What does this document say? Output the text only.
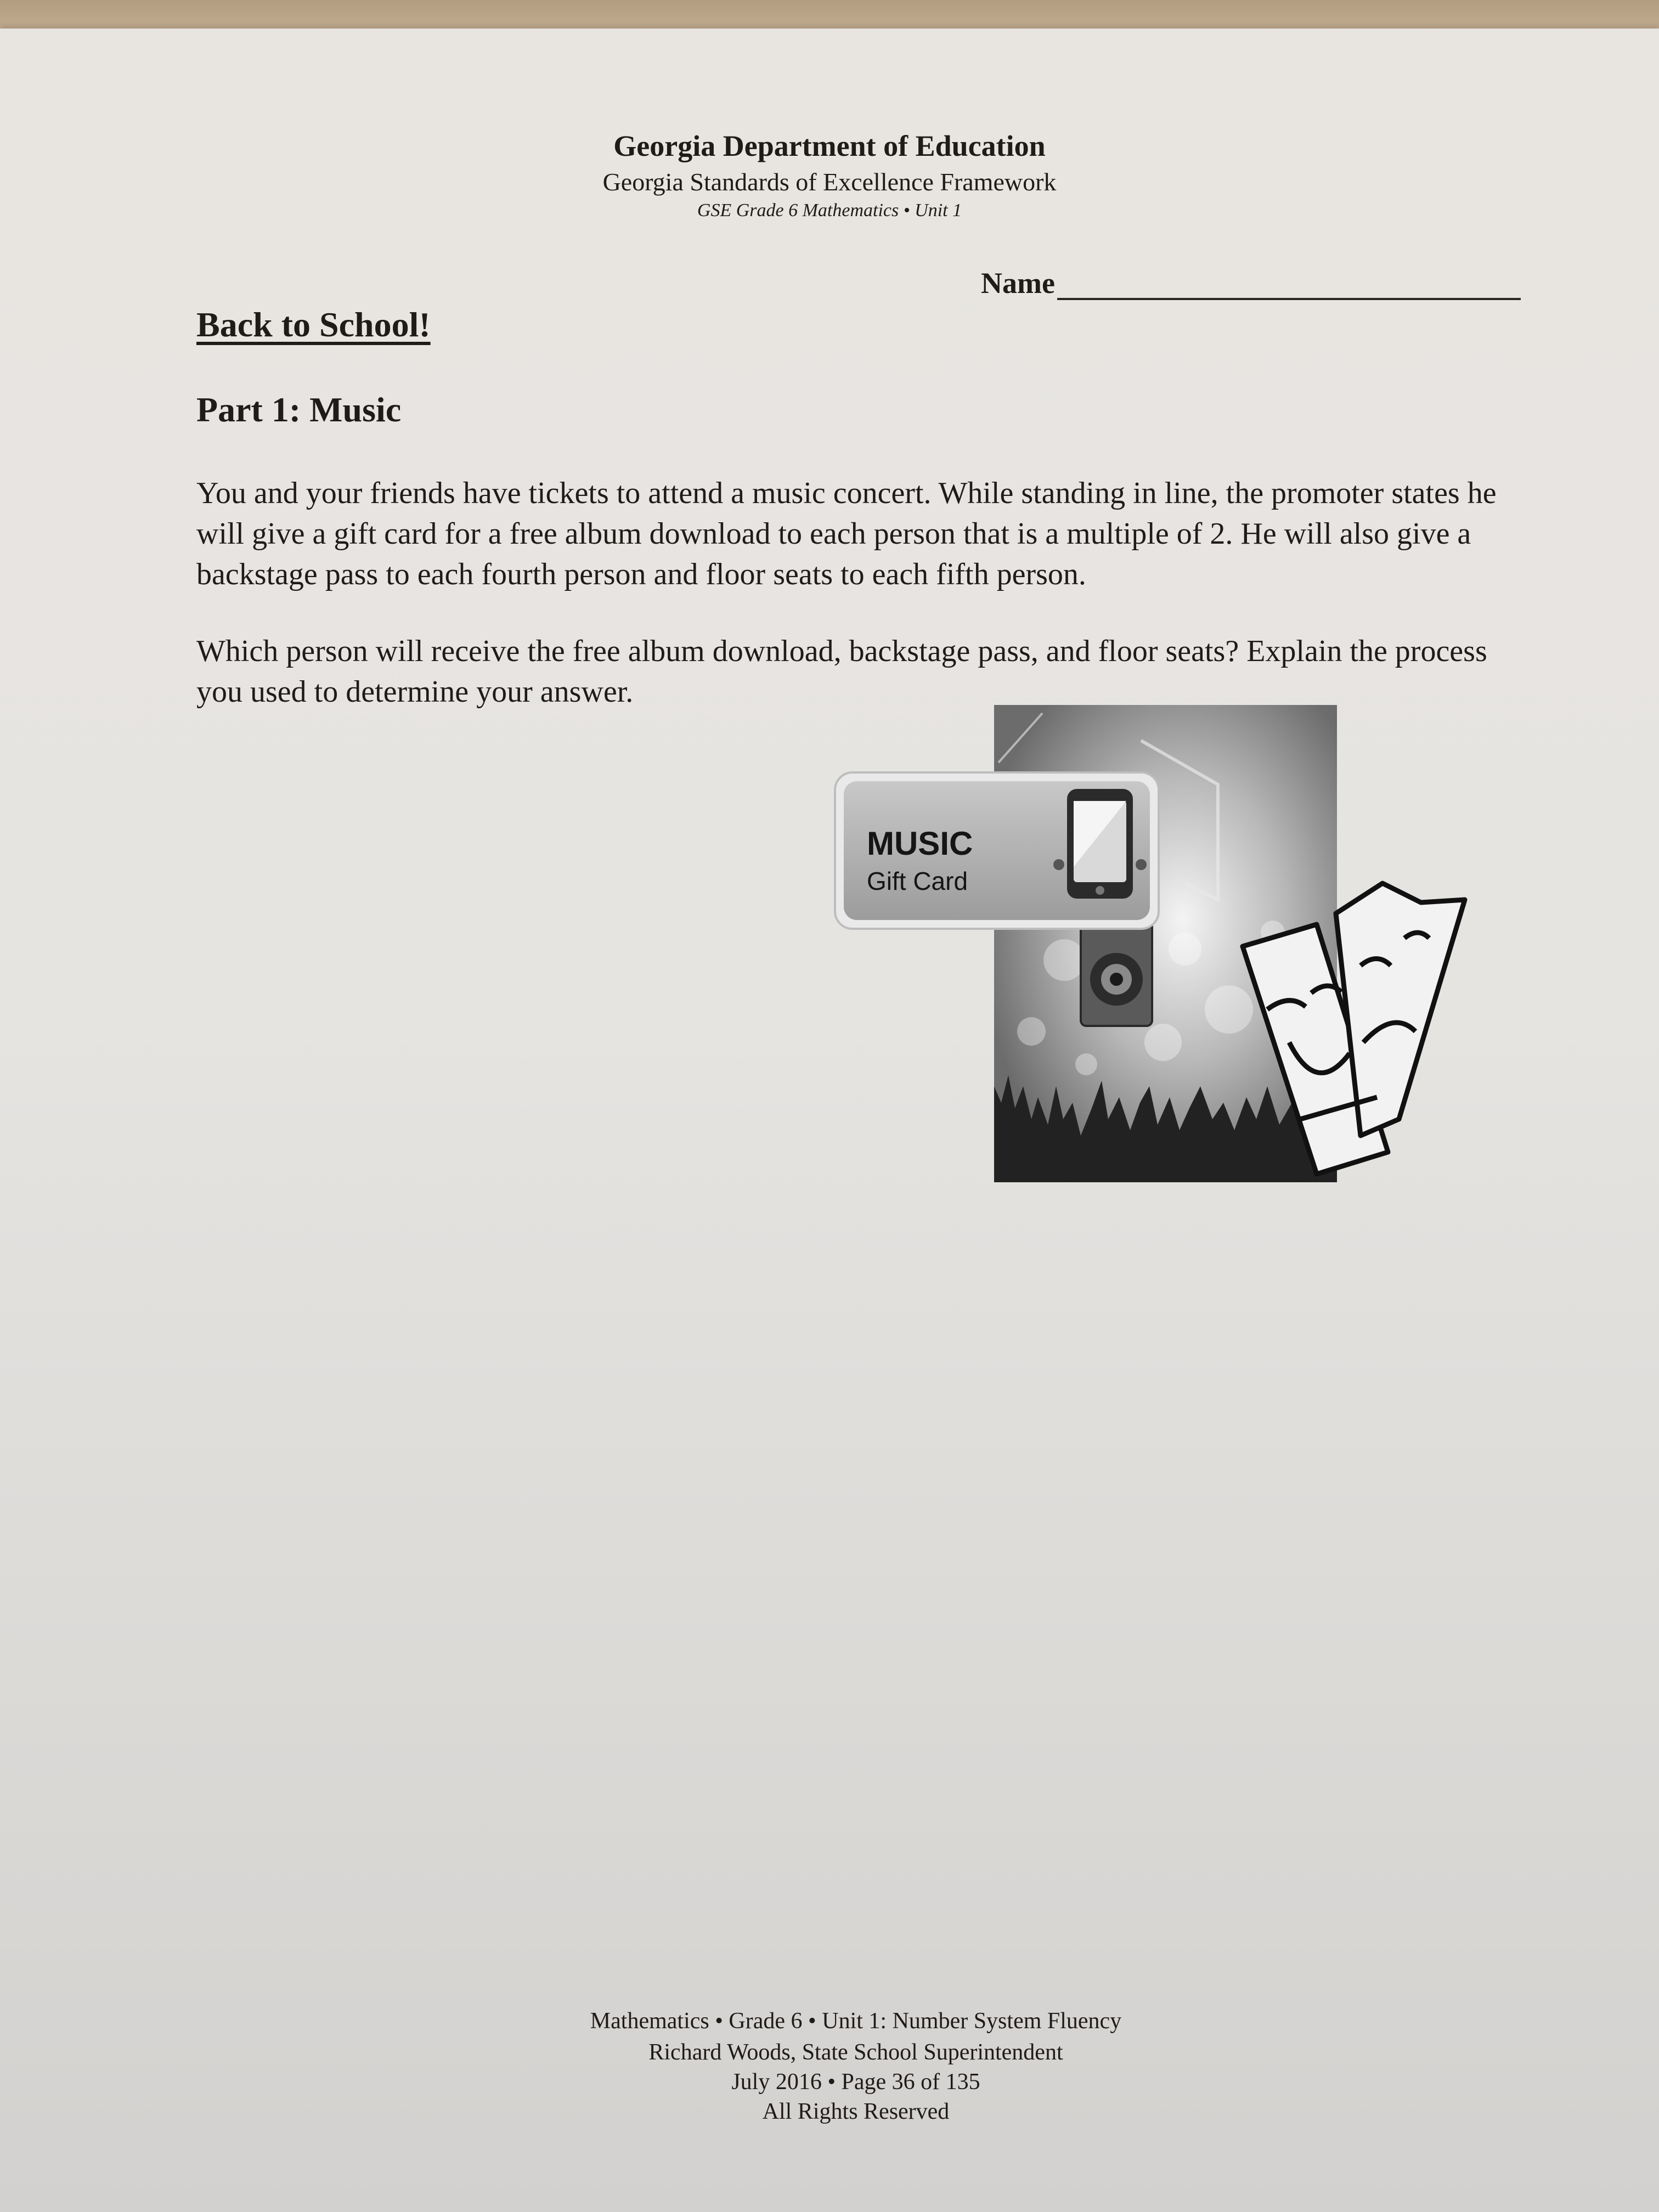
Georgia Department of Education
Georgia Standards of Excellence Framework
GSE Grade 6 Mathematics • Unit 1
Name
Back to School!
Part 1: Music
You and your friends have tickets to attend a music concert. While standing in line, the promoter states he will give a gift card for a free album download to each person that is a multiple of 2. He will also give a backstage pass to each fourth person and floor seats to each fifth person.
Which person will receive the free album download, backstage pass, and floor seats? Explain the process you used to determine your answer.
MUSIC
Gift Card
Mathematics • Grade 6 • Unit 1: Number System Fluency
Richard Woods, State School Superintendent
July 2016 • Page 36 of 135
All Rights Reserved
